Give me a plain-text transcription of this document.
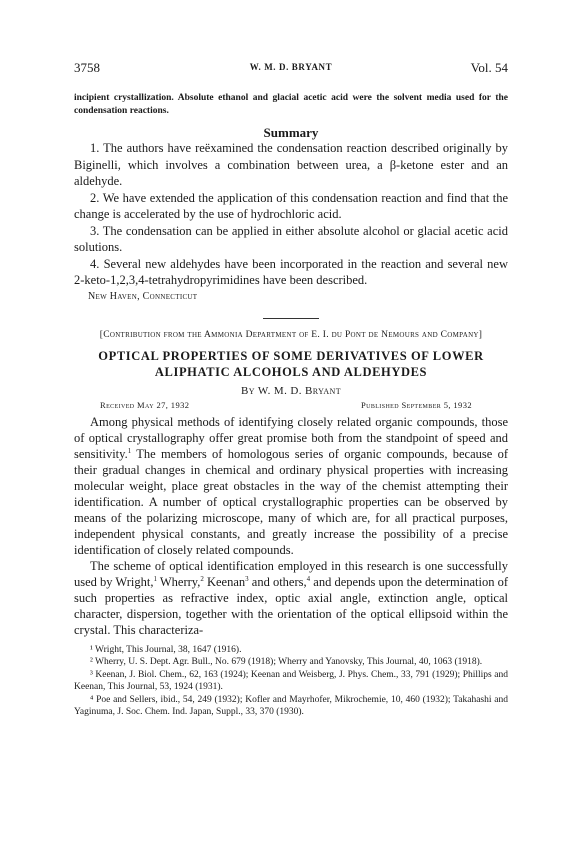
3758	W. M. D. BRYANT	Vol. 54
incipient crystallization. Absolute ethanol and glacial acetic acid were the solvent media used for the condensation reactions.
Summary

1. The authors have reëxamined the condensation reaction described originally by Biginelli, which involves a combination between urea, a β-ketone ester and an aldehyde.

2. We have extended the application of this condensation reaction and find that the change is accelerated by the use of hydrochloric acid.

3. The condensation can be applied in either absolute alcohol or glacial acetic acid solutions.

4. Several new aldehydes have been incorporated in the reaction and several new 2-keto-1,2,3,4-tetrahydropyrimidines have been described.

New Haven, Connecticut
[Contribution from the Ammonia Department of E. I. du Pont de Nemours and Company]
OPTICAL PROPERTIES OF SOME DERIVATIVES OF LOWER
ALIPHATIC ALCOHOLS AND ALDEHYDES
By W. M. D. Bryant
Received May 27, 1932	Published September 5, 1932

Among physical methods of identifying closely related organic compounds, those of optical crystallography offer great promise both from the standpoint of speed and sensitivity.$^1$ The members of homologous series of organic compounds, because of their gradual changes in chemical and ordinary physical properties with increasing molecular weight, place great obstacles in the way of the chemist attempting their identification. A number of optical crystallographic properties can be observed by means of the polarizing microscope, many of which are, for all practical purposes, independent physical constants, and greatly increase the possibility of a precise identification of closely related compounds.

The scheme of optical identification employed in this research is one successfully used by Wright,$^1$ Wherry,$^2$ Keenan$^3$ and others,$^4$ and depends upon the determination of such properties as refractive index, optic axial angle, extinction angle, optical character, dispersion, together with the orientation of the optical ellipsoid within the crystal. This characteriza-

¹ Wright, This Journal, 38, 1647 (1916).

² Wherry, U. S. Dept. Agr. Bull., No. 679 (1918); Wherry and Yanovsky, This Journal, 40, 1063 (1918).

³ Keenan, J. Biol. Chem., 62, 163 (1924); Keenan and Weisberg, J. Phys. Chem., 33, 791 (1929); Phillips and Keenan, This Journal, 53, 1924 (1931).

⁴ Poe and Sellers, ibid., 54, 249 (1932); Kofler and Mayrhofer, Mikrochemie, 10, 460 (1932); Takahashi and Yaginuma, J. Soc. Chem. Ind. Japan, Suppl., 33, 370 (1930).
